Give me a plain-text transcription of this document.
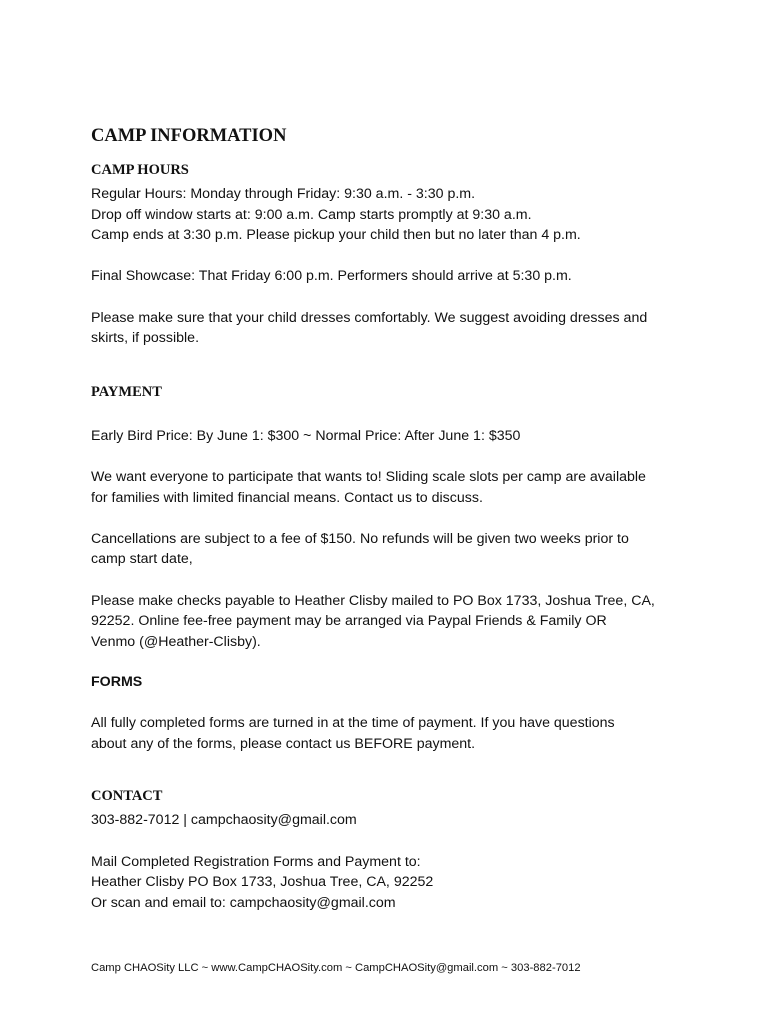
CAMP INFORMATION
CAMP HOURS

Regular Hours: Monday through Friday: 9:30 a.m. - 3:30 p.m.
Drop off window starts at: 9:00 a.m. Camp starts promptly at 9:30 a.m.
Camp ends at 3:30 p.m. Please pickup your child then but no later than 4 p.m.

Final Showcase: That Friday 6:00 p.m. Performers should arrive at 5:30 p.m.

Please make sure that your child dresses comfortably. We suggest avoiding dresses and
skirts, if possible.

PAYMENT

Early Bird Price: By June 1: $300 ~ Normal Price: After June 1: $350

We want everyone to participate that wants to! Sliding scale slots per camp are available
for families with limited financial means. Contact us to discuss.

Cancellations are subject to a fee of $150. No refunds will be given two weeks prior to
camp start date,

Please make checks payable to Heather Clisby mailed to PO Box 1733, Joshua Tree, CA,
92252. Online fee-free payment may be arranged via Paypal Friends & Family OR
Venmo (@Heather-Clisby).

FORMS

All fully completed forms are turned in at the time of payment. If you have questions
about any of the forms, please contact us BEFORE payment.

CONTACT

303-882-7012 | campchaosity@gmail.com

Mail Completed Registration Forms and Payment to:
Heather Clisby PO Box 1733, Joshua Tree, CA, 92252
Or scan and email to: campchaosity@gmail.com

Camp CHAOSity LLC ~ www.CampCHAOSity.com ~ CampCHAOSity@gmail.com ~ 303-882-7012
